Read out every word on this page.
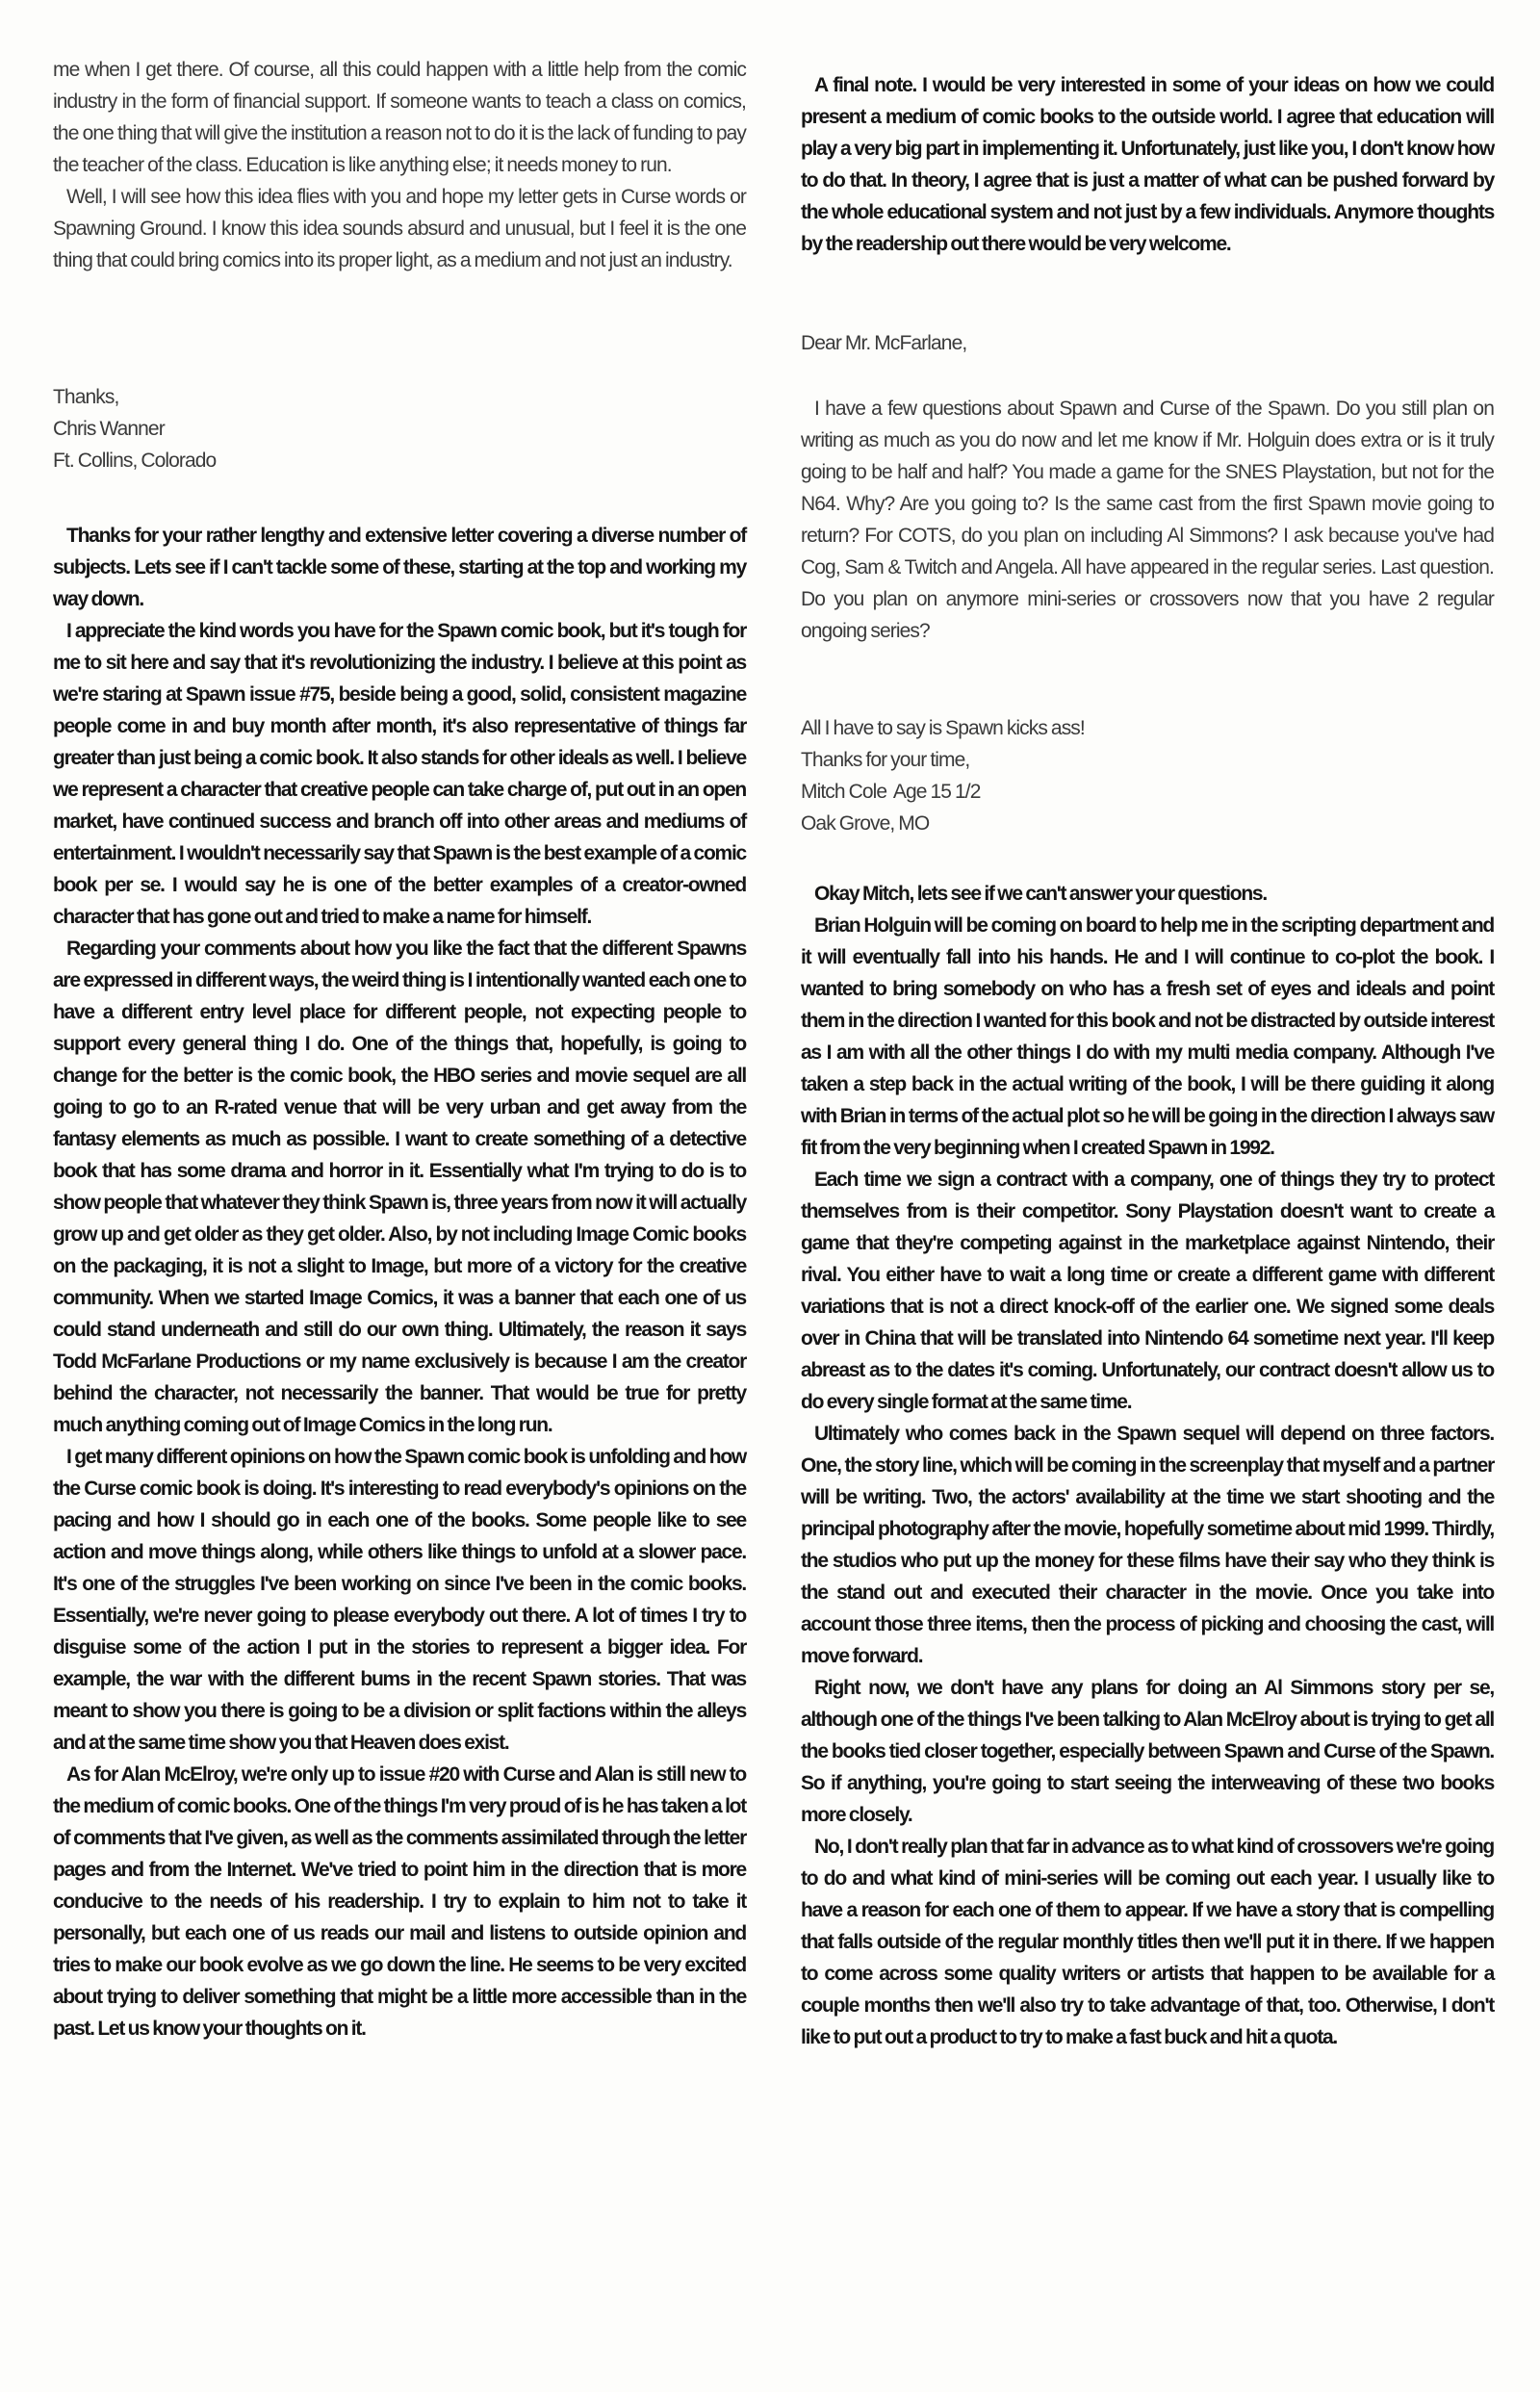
me when I get there. Of course, all this could happen with a little help from the comic industry in the form of financial support. If someone wants to teach a class on comics, the one thing that will give the institution a reason not to do it is the lack of funding to pay the teacher of the class. Education is like anything else; it needs money to run.

Well, I will see how this idea flies with you and hope my letter gets in Curse words or Spawning Ground. I know this idea sounds absurd and unusual, but I feel it is the one thing that could bring comics into its proper light, as a medium and not just an industry.

Thanks,

Chris Wanner

Ft. Collins, Colorado

Thanks for your rather lengthy and extensive letter covering a diverse number of subjects. Lets see if I can't tackle some of these, starting at the top and working my way down.

I appreciate the kind words you have for the Spawn comic book, but it's tough for me to sit here and say that it's revolutionizing the industry. I believe at this point as we're staring at Spawn issue #75, beside being a good, solid, consistent magazine people come in and buy month after month, it's also representative of things far greater than just being a comic book. It also stands for other ideals as well. I believe we represent a character that creative people can take charge of, put out in an open market, have continued success and branch off into other areas and mediums of entertainment. I wouldn't necessarily say that Spawn is the best example of a comic book per se. I would say he is one of the better examples of a creator-owned character that has gone out and tried to make a name for himself.

Regarding your comments about how you like the fact that the different Spawns are expressed in different ways, the weird thing is I intentionally wanted each one to have a different entry level place for different people, not expecting people to support every general thing I do. One of the things that, hopefully, is going to change for the better is the comic book, the HBO series and movie sequel are all going to go to an R-rated venue that will be very urban and get away from the fantasy elements as much as possible. I want to create something of a detective book that has some drama and horror in it. Essentially what I'm trying to do is to show people that whatever they think Spawn is, three years from now it will actually grow up and get older as they get older. Also, by not including Image Comic books on the packaging, it is not a slight to Image, but more of a victory for the creative community. When we started Image Comics, it was a banner that each one of us could stand underneath and still do our own thing. Ultimately, the reason it says Todd McFarlane Productions or my name exclusively is because I am the creator behind the character, not necessarily the banner. That would be true for pretty much anything coming out of Image Comics in the long run.

I get many different opinions on how the Spawn comic book is unfolding and how the Curse comic book is doing. It's interesting to read everybody's opinions on the pacing and how I should go in each one of the books. Some people like to see action and move things along, while others like things to unfold at a slower pace. It's one of the struggles I've been working on since I've been in the comic books. Essentially, we're never going to please everybody out there. A lot of times I try to disguise some of the action I put in the stories to represent a bigger idea. For example, the war with the different bums in the recent Spawn stories. That was meant to show you there is going to be a division or split factions within the alleys and at the same time show you that Heaven does exist.

As for Alan McElroy, we're only up to issue #20 with Curse and Alan is still new to the medium of comic books. One of the things I'm very proud of is he has taken a lot of comments that I've given, as well as the comments assimilated through the letter pages and from the Internet. We've tried to point him in the direction that is more conducive to the needs of his readership. I try to explain to him not to take it personally, but each one of us reads our mail and listens to outside opinion and tries to make our book evolve as we go down the line. He seems to be very excited about trying to deliver something that might be a little more accessible than in the past. Let us know your thoughts on it.

A final note. I would be very interested in some of your ideas on how we could present a medium of comic books to the outside world. I agree that education will play a very big part in implementing it. Unfortunately, just like you, I don't know how to do that. In theory, I agree that is just a matter of what can be pushed forward by the whole educational system and not just by a few individuals. Anymore thoughts by the readership out there would be very welcome.

Dear Mr. McFarlane,

I have a few questions about Spawn and Curse of the Spawn. Do you still plan on writing as much as you do now and let me know if Mr. Holguin does extra or is it truly going to be half and half? You made a game for the SNES Playstation, but not for the N64. Why? Are you going to? Is the same cast from the first Spawn movie going to return? For COTS, do you plan on including Al Simmons? I ask because you've had Cog, Sam & Twitch and Angela. All have appeared in the regular series. Last question. Do you plan on anymore mini-series or crossovers now that you have 2 regular ongoing series?

All I have to say is Spawn kicks ass!

Thanks for your time,

Mitch Cole  Age 15 1/2

Oak Grove, MO

Okay Mitch, lets see if we can't answer your questions.

Brian Holguin will be coming on board to help me in the scripting department and it will eventually fall into his hands. He and I will continue to co-plot the book. I wanted to bring somebody on who has a fresh set of eyes and ideals and point them in the direction I wanted for this book and not be distracted by outside interest as I am with all the other things I do with my multi media company. Although I've taken a step back in the actual writing of the book, I will be there guiding it along with Brian in terms of the actual plot so he will be going in the direction I always saw fit from the very beginning when I created Spawn in 1992.

Each time we sign a contract with a company, one of things they try to protect themselves from is their competitor. Sony Playstation doesn't want to create a game that they're competing against in the marketplace against Nintendo, their rival. You either have to wait a long time or create a different game with different variations that is not a direct knock-off of the earlier one. We signed some deals over in China that will be translated into Nintendo 64 sometime next year. I'll keep abreast as to the dates it's coming. Unfortunately, our contract doesn't allow us to do every single format at the same time.

Ultimately who comes back in the Spawn sequel will depend on three factors. One, the story line, which will be coming in the screenplay that myself and a partner will be writing. Two, the actors' availability at the time we start shooting and the principal photography after the movie, hopefully sometime about mid 1999. Thirdly, the studios who put up the money for these films have their say who they think is the stand out and executed their character in the movie. Once you take into account those three items, then the process of picking and choosing the cast, will move forward.

Right now, we don't have any plans for doing an Al Simmons story per se, although one of the things I've been talking to Alan McElroy about is trying to get all the books tied closer together, especially between Spawn and Curse of the Spawn. So if anything, you're going to start seeing the interweaving of these two books more closely.

No, I don't really plan that far in advance as to what kind of crossovers we're going to do and what kind of mini-series will be coming out each year. I usually like to have a reason for each one of them to appear. If we have a story that is compelling that falls outside of the regular monthly titles then we'll put it in there. If we happen to come across some quality writers or artists that happen to be available for a couple months then we'll also try to take advantage of that, too. Otherwise, I don't like to put out a product to try to make a fast buck and hit a quota.
